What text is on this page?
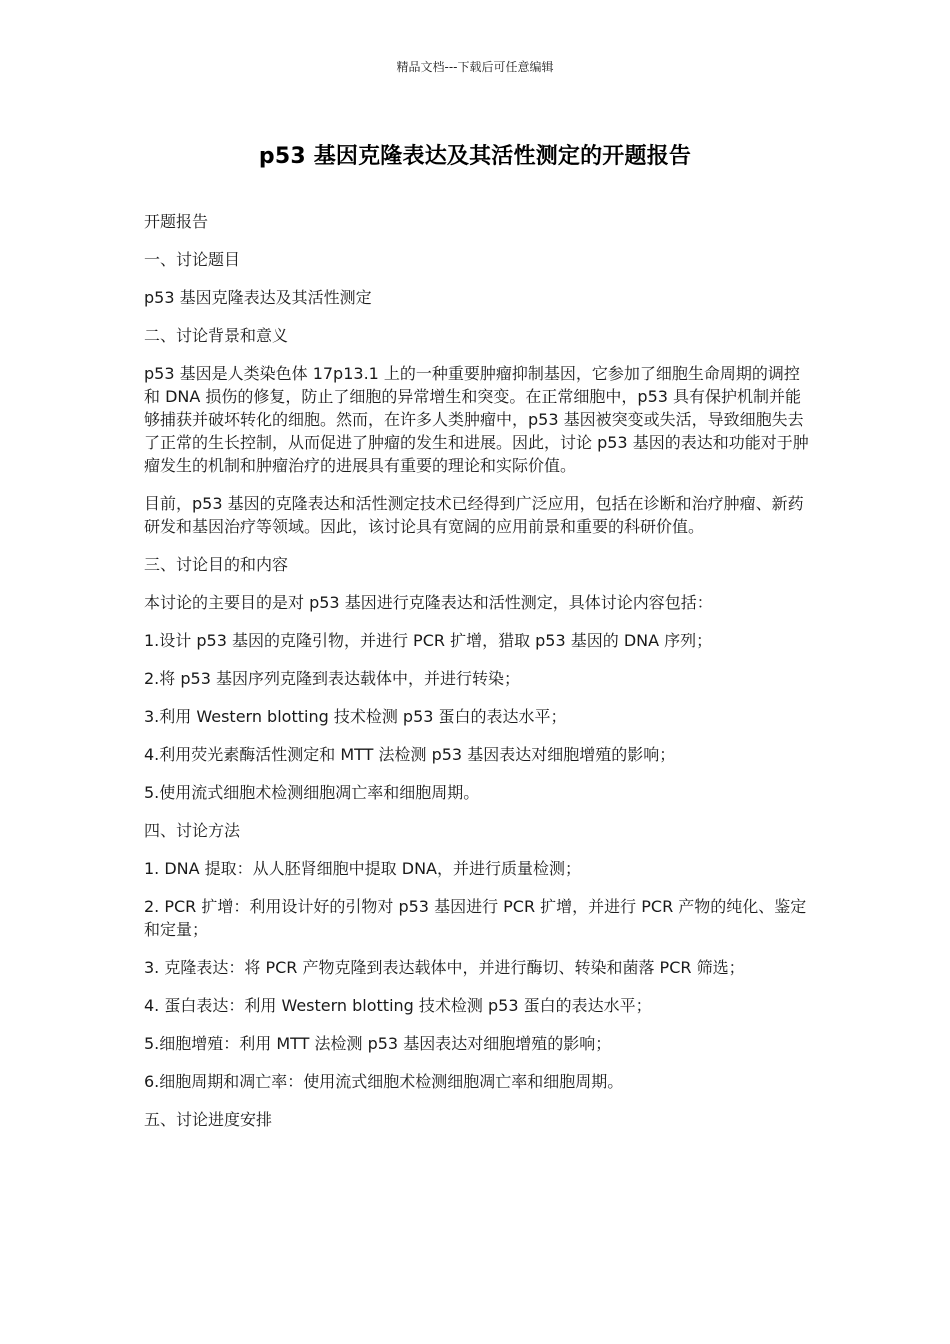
精品文档---下载后可任意编辑
p53 基因克隆表达及其活性测定的开题报告

开题报告

一、讨论题目

p53 基因克隆表达及其活性测定

二、讨论背景和意义

p53 基因是人类染色体 17p13.1 上的一种重要肿瘤抑制基因，它参加了细胞生命周期的调控和 DNA 损伤的修复，防止了细胞的异常增生和突变。在正常细胞中，p53 具有保护机制并能够捕获并破坏转化的细胞。然而，在许多人类肿瘤中，p53 基因被突变或失活，导致细胞失去了正常的生长控制，从而促进了肿瘤的发生和进展。因此，讨论 p53 基因的表达和功能对于肿瘤发生的机制和肿瘤治疗的进展具有重要的理论和实际价值。

目前，p53 基因的克隆表达和活性测定技术已经得到广泛应用，包括在诊断和治疗肿瘤、新药研发和基因治疗等领域。因此，该讨论具有宽阔的应用前景和重要的科研价值。

三、讨论目的和内容

本讨论的主要目的是对 p53 基因进行克隆表达和活性测定，具体讨论内容包括：

1.设计 p53 基因的克隆引物，并进行 PCR 扩增，猎取 p53 基因的 DNA 序列；

2.将 p53 基因序列克隆到表达载体中，并进行转染；

3.利用 Western blotting 技术检测 p53 蛋白的表达水平；

4.利用荧光素酶活性测定和 MTT 法检测 p53 基因表达对细胞增殖的影响；

5.使用流式细胞术检测细胞凋亡率和细胞周期。

四、讨论方法

1. DNA 提取：从人胚肾细胞中提取 DNA，并进行质量检测；

2. PCR 扩增：利用设计好的引物对 p53 基因进行 PCR 扩增，并进行 PCR 产物的纯化、鉴定和定量；

3. 克隆表达：将 PCR 产物克隆到表达载体中，并进行酶切、转染和菌落 PCR 筛选；

4. 蛋白表达：利用 Western blotting 技术检测 p53 蛋白的表达水平；

5.细胞增殖：利用 MTT 法检测 p53 基因表达对细胞增殖的影响；

6.细胞周期和凋亡率：使用流式细胞术检测细胞凋亡率和细胞周期。

五、讨论进度安排
